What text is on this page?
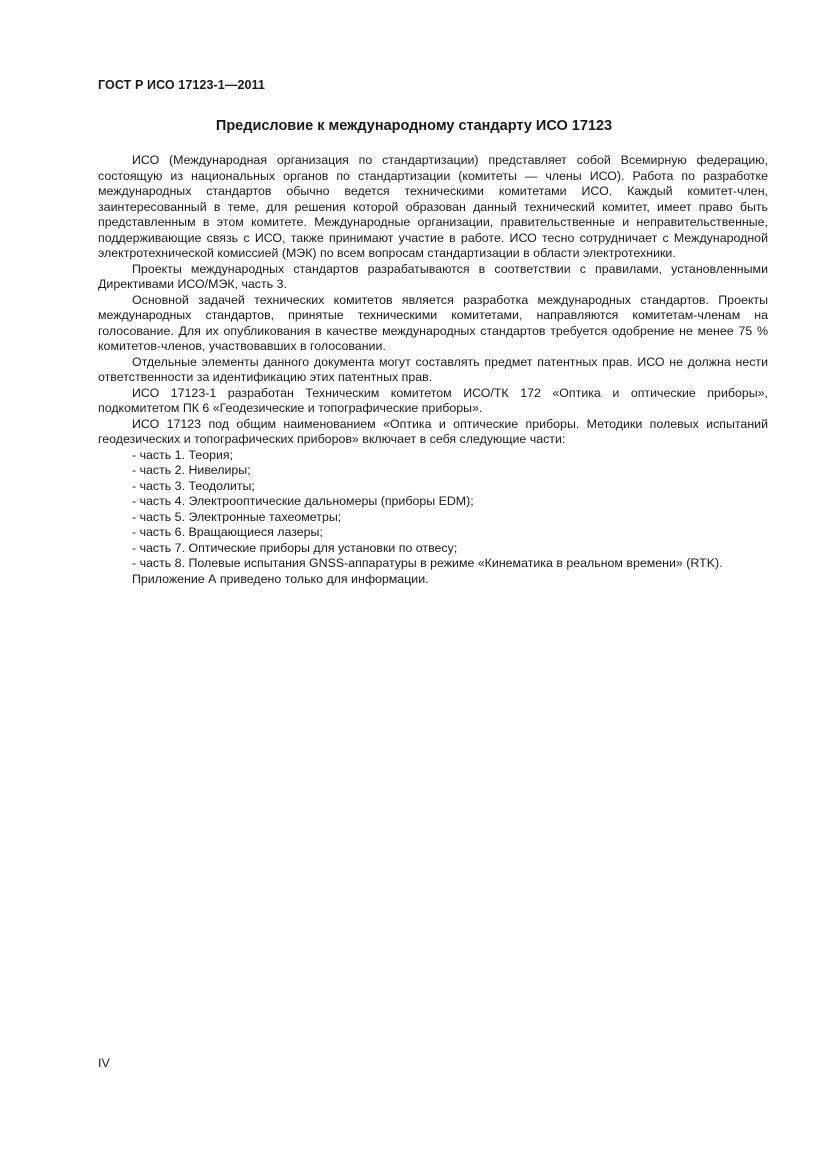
ГОСТ Р ИСО 17123-1—2011
Предисловие к международному стандарту ИСО 17123

ИСО (Международная организация по стандартизации) представляет собой Всемирную федерацию, состоящую из национальных органов по стандартизации (комитеты — члены ИСО). Работа по разработке международных стандартов обычно ведется техническими комитетами ИСО. Каждый комитет-член, заинтересованный в теме, для решения которой образован данный технический комитет, имеет право быть представленным в этом комитете. Международные организации, правительственные и неправительственные, поддерживающие связь с ИСО, также принимают участие в работе. ИСО тесно сотрудничает с Международной электротехнической комиссией (МЭК) по всем вопросам стандартизации в области электротехники.

Проекты международных стандартов разрабатываются в соответствии с правилами, установленными Директивами ИСО/МЭК, часть 3.

Основной задачей технических комитетов является разработка международных стандартов. Проекты международных стандартов, принятые техническими комитетами, направляются комитетам-членам на голосование. Для их опубликования в качестве международных стандартов требуется одобрение не менее 75 % комитетов-членов, участвовавших в голосовании.

Отдельные элементы данного документа могут составлять предмет патентных прав. ИСО не должна нести ответственности за идентификацию этих патентных прав.

ИСО 17123-1 разработан Техническим комитетом ИСО/ТК 172 «Оптика и оптические приборы», подкомитетом ПК 6 «Геодезические и топографические приборы».

ИСО 17123 под общим наименованием «Оптика и оптические приборы. Методики полевых испытаний геодезических и топографических приборов» включает в себя следующие части:

- часть 1. Теория;
- часть 2. Нивелиры;
- часть 3. Теодолиты;
- часть 4. Электрооптические дальномеры (приборы EDM);
- часть 5. Электронные тахеометры;
- часть 6. Вращающиеся лазеры;
- часть 7. Оптические приборы для установки по отвесу;
- часть 8. Полевые испытания GNSS-аппаратуры в режиме «Кинематика в реальном времени» (RTK).

Приложение А приведено только для информации.

IV
